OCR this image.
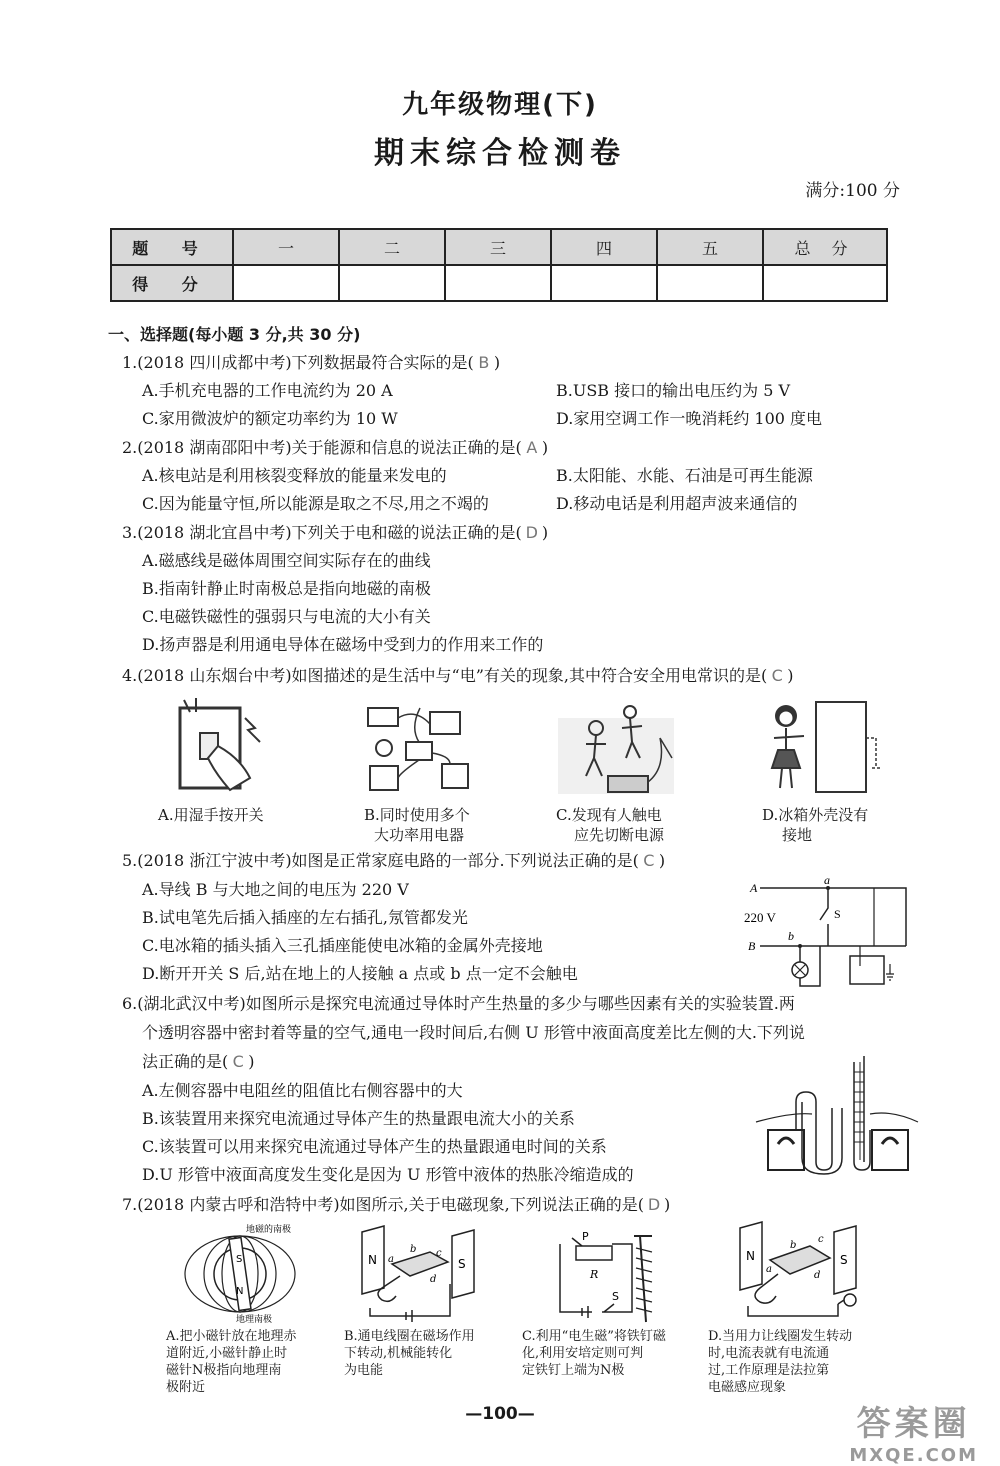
九年级物理(下)
期末综合检测卷
满分:100 分
题 号	一	二	三	四	五	总 分
得 分						
一、选择题(每小题 3 分,共 30 分)
1.(2018 四川成都中考)下列数据最符合实际的是( B )
A.手机充电器的工作电流约为 20 A	B.USB 接口的输出电压约为 5 V
C.家用微波炉的额定功率约为 10 W	D.家用空调工作一晚消耗约 100 度电
2.(2018 湖南邵阳中考)关于能源和信息的说法正确的是( A )
A.核电站是利用核裂变释放的能量来发电的	B.太阳能、水能、石油是可再生能源
C.因为能量守恒,所以能源是取之不尽,用之不竭的	D.移动电话是利用超声波来通信的
3.(2018 湖北宜昌中考)下列关于电和磁的说法正确的是( D )
A.磁感线是磁体周围空间实际存在的曲线
B.指南针静止时南极总是指向地磁的南极
C.电磁铁磁性的强弱只与电流的大小有关
D.扬声器是利用通电导体在磁场中受到力的作用来工作的
4.(2018 山东烟台中考)如图描述的是生活中与“电”有关的现象,其中符合安全用电常识的是( C )
A.用湿手按开关	B.同时使用多个
大功率用电器
C.发现有人触电
应先切断电源
D.冰箱外壳没有
接地
5.(2018 浙江宁波中考)如图是正常家庭电路的一部分.下列说法正确的是( C )
A.导线 B 与大地之间的电压为 220 V
B.试电笔先后插入插座的左右插孔,氖管都发光
C.电冰箱的插头插入三孔插座能使电冰箱的金属外壳接地
D.断开开关 S 后,站在地上的人接触 a 点或 b 点一定不会触电
A
B
a
b
S
220 V
6.(湖北武汉中考)如图所示是探究电流通过导体时产生热量的多少与哪些因素有关的实验装置.两
个透明容器中密封着等量的空气,通电一段时间后,右侧 U 形管中液面高度差比左侧的大.下列说
法正确的是( C )
A.左侧容器中电阻丝的阻值比右侧容器中的大
B.该装置用来探究电流通过导体产生的热量跟电流大小的关系
C.该装置可以用来探究电流通过导体产生的热量跟通电时间的关系
D.U 形管中液面高度发生变化是因为 U 形管中液体的热胀冷缩造成的
7.(2018 内蒙古呼和浩特中考)如图所示,关于电磁现象,下列说法正确的是( D )
S
N
地磁的南极
地理南极
N	S
a
b c
d
P
R
S
N	S
a
b
c
d
A.把小磁针放在地理赤
道附近,小磁针静止时
磁针N极指向地理南
极附近
B.通电线圈在磁场作用
下转动,机械能转化
为电能
C.利用“电生磁”将铁钉磁
化,利用安培定则可判
定铁钉上端为N极
D.当用力让线圈发生转动
时,电流表就有电流通
过,工作原理是法拉第
电磁感应现象
—100—	答案圈
MXQE.COM
